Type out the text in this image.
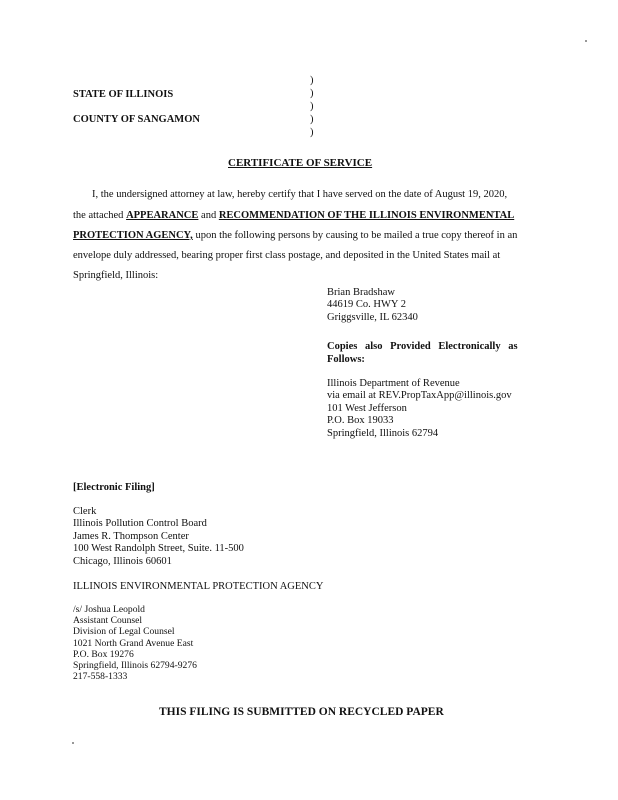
)
)
)
)
)
STATE OF ILLINOIS
COUNTY OF SANGAMON
CERTIFICATE OF SERVICE
I, the undersigned attorney at law, hereby certify that I have served on the date of August 19, 2020,
the attached APPEARANCE and RECOMMENDATION OF THE ILLINOIS ENVIRONMENTAL
PROTECTION AGENCY, upon the following persons by causing to be mailed a true copy thereof in an
envelope duly addressed, bearing proper first class postage, and deposited in the United States mail at
Springfield, Illinois:
Brian Bradshaw
44619 Co. HWY 2
Griggsville, IL 62340
Copies also Provided Electronically as
Follows:
Illinois Department of Revenue
via email at REV.PropTaxApp@illinois.gov
101 West Jefferson
P.O. Box 19033
Springfield, Illinois 62794
[Electronic Filing]
Clerk
Illinois Pollution Control Board
James R. Thompson Center
100 West Randolph Street, Suite. 11-500
Chicago, Illinois 60601
ILLINOIS ENVIRONMENTAL PROTECTION AGENCY
/s/ Joshua Leopold
Assistant Counsel
Division of Legal Counsel
1021 North Grand Avenue East
P.O. Box 19276
Springfield, Illinois 62794-9276
217-558-1333
THIS FILING IS SUBMITTED ON RECYCLED PAPER
